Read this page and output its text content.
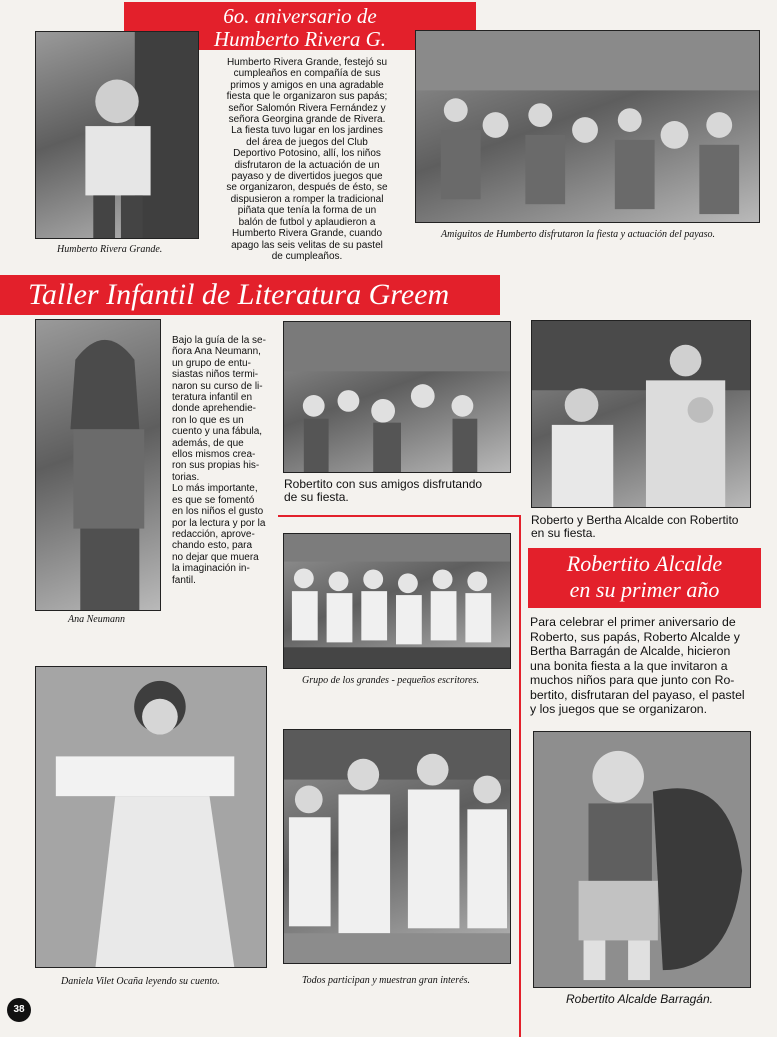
6o. aniversario de
Humberto Rivera G.
Humberto Rivera Grande.
Humberto Rivera Grande, festejó su
cumpleaños en compañía de sus
primos y amigos en una agradable
fiesta que le organizaron sus papás;
señor Salomón Rivera Fernández y
señora Georgina grande de Rivera.
La fiesta tuvo lugar en los jardines
del área de juegos del Club
Deportivo Potosino, allí, los niños
disfrutaron de la actuación de un
payaso y de divertidos juegos que
se organizaron, después de ésto, se
dispusieron a romper la tradicional
piñata que tenía la forma de un
balón de futbol y aplaudieron a
Humberto Rivera Grande, cuando
apago las seis velitas de su pastel
de cumpleaños.
Amiguitos de Humberto disfrutaron la fiesta y actuación del payaso.
Taller Infantil de Literatura Greem
Ana Neumann
Bajo la guía de la se-
ñora Ana Neumann,
un grupo de entu-
siastas niños termi-
naron su curso de li-
teratura infantil en
donde aprehendie-
ron lo que es un
cuento y una fábula,
además, de que
ellos mismos crea-
ron sus propias his-
torias.
Lo más importante,
es que se fomentó
en los niños el gusto
por la lectura y por la
redacción, aprove-
chando esto, para
no dejar que muera
la imaginación in-
fantil.
Robertito con sus amigos disfrutando
de su fiesta.
Roberto y Bertha Alcalde con Robertito
en su fiesta.
Grupo de los grandes - pequeños escritores.
Robertito Alcalde
en su primer año
Para celebrar el primer aniversario de
Roberto, sus papás, Roberto Alcalde y
Bertha Barragán de Alcalde, hicieron
una bonita fiesta a la que invitaron a
muchos niños para que junto con Ro-
bertito, disfrutaran del payaso, el pastel
y los juegos que se organizaron.
Daniela Vilet Ocaña leyendo su cuento.	Todos participan y muestran gran interés.
Robertito Alcalde Barragán.
38
